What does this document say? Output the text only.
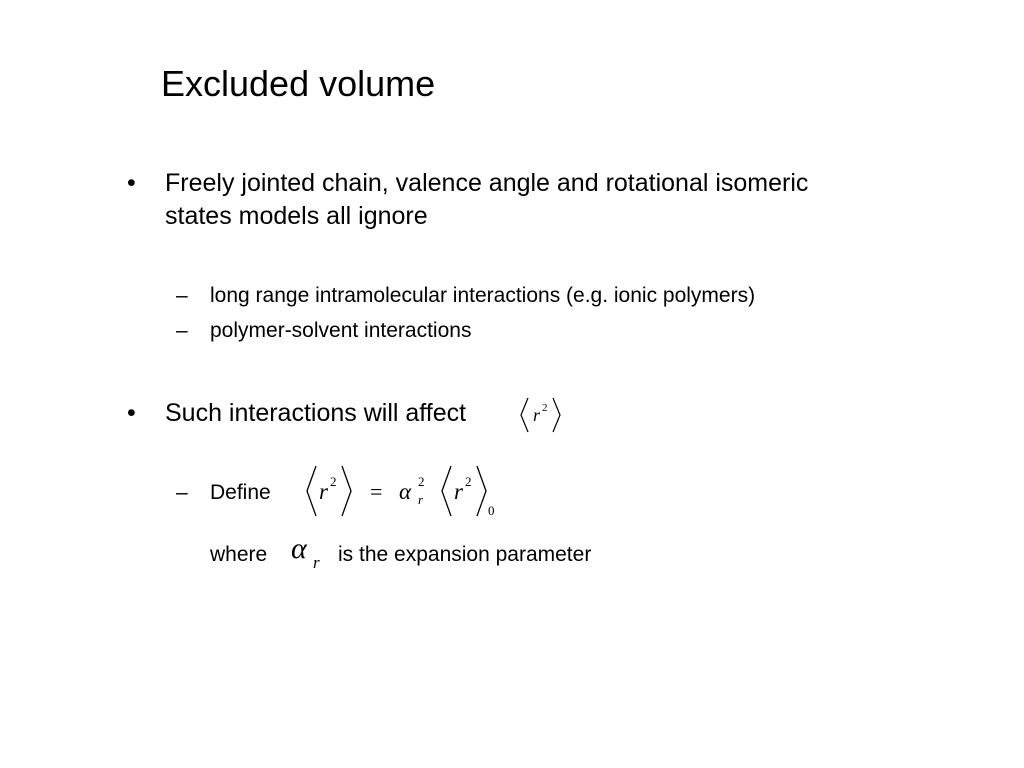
Excluded volume
• Freely jointed chain, valence angle and rotational isomeric
states models all ignore
– long range intramolecular interactions (e.g. ionic polymers)
– polymer-solvent interactions
• Such interactions will affect	r 2
– Define r 2 = α 2
r r 2
0
where α r is the expansion parameter
